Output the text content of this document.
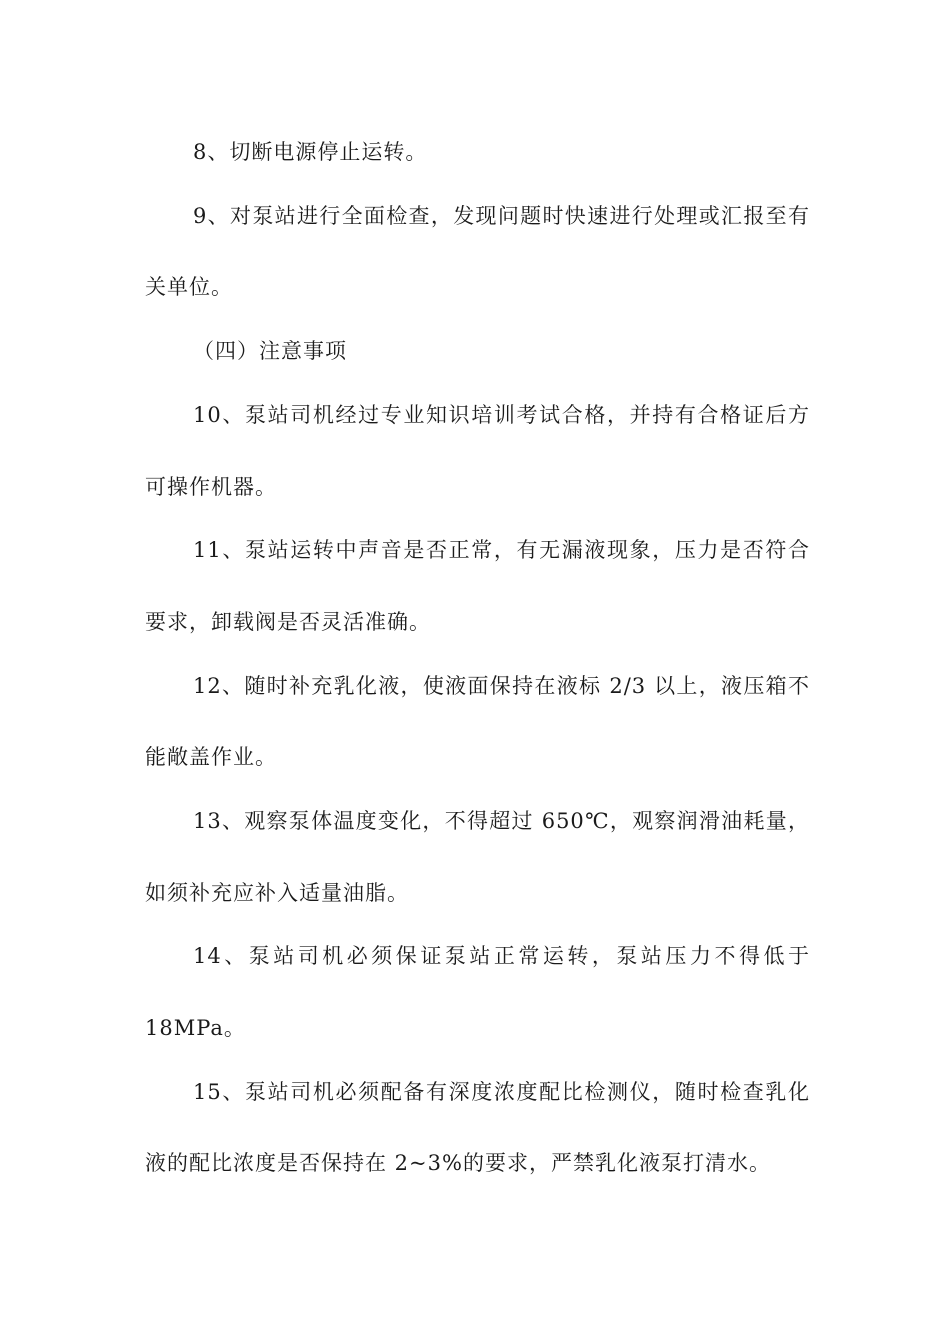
8、切断电源停止运转。
9、对泵站进行全面检查，发现问题时快速进行处理或汇报至有
关单位。
（四）注意事项
10、泵站司机经过专业知识培训考试合格，并持有合格证后方
可操作机器。
11、泵站运转中声音是否正常，有无漏液现象，压力是否符合
要求，卸载阀是否灵活准确。
12、随时补充乳化液，使液面保持在液标 2/3 以上，液压箱不
能敞盖作业。
13、观察泵体温度变化，不得超过 650℃，观察润滑油耗量，
如须补充应补入适量油脂。
14、泵站司机必须保证泵站正常运转，泵站压力不得低于
18MPa。
15、泵站司机必须配备有深度浓度配比检测仪，随时检查乳化
液的配比浓度是否保持在 2~3%的要求，严禁乳化液泵打清水。
